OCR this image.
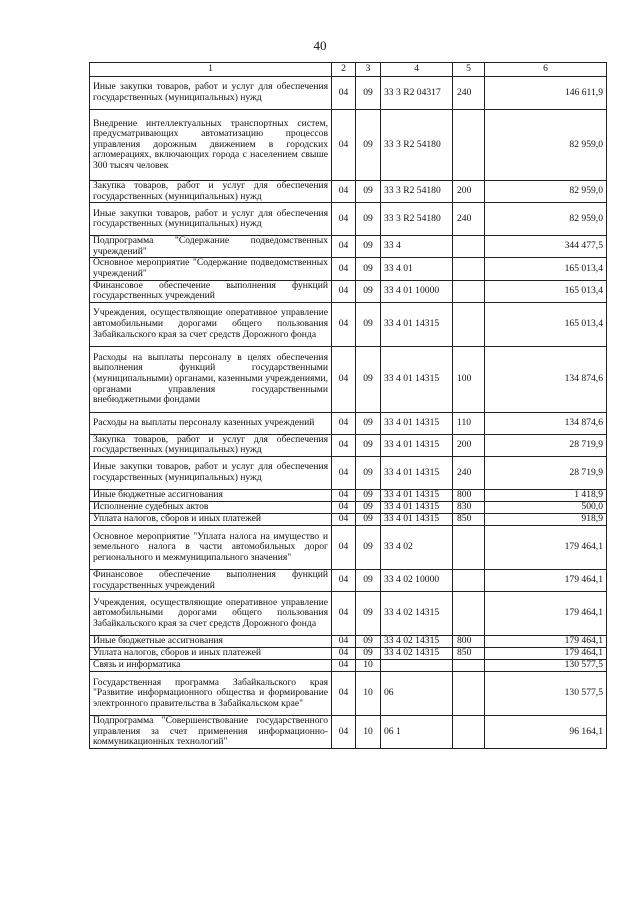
40
1	2	3	4	5	6
Иные закупки товаров, работ и услуг для обеспечения государственных (муниципальных) нужд	04	09	33 3 R2 04317	240	146 611,9
Внедрение интеллектуальных транспортных систем, предусматривающих автоматизацию процессов управления дорожным движением в городских агломерациях, включающих города с населением свыше 300 тысяч человек	04	09	33 3 R2 54180		82 959,0
Закупка товаров, работ и услуг для обеспечения государственных (муниципальных) нужд	04	09	33 3 R2 54180	200	82 959,0
Иные закупки товаров, работ и услуг для обеспечения государственных (муниципальных) нужд	04	09	33 3 R2 54180	240	82 959,0
Подпрограмма "Содержание подведомственных учреждений"	04	09	33 4		344 477,5
Основное мероприятие "Содержание подведомственных учреждений"	04	09	33 4 01		165 013,4
Финансовое обеспечение выполнения функций государственных учреждений	04	09	33 4 01 10000		165 013,4
Учреждения, осуществляющие оперативное управление автомобильными дорогами общего пользования Забайкальского края за счет средств Дорожного фонда	04	09	33 4 01 14315		165 013,4
Расходы на выплаты персоналу в целях обеспечения выполнения функций государственными (муниципальными) органами, казенными учреждениями, органами управления государственными внебюджетными фондами	04	09	33 4 01 14315	100	134 874,6
Расходы на выплаты персоналу казенных учреждений	04	09	33 4 01 14315	110	134 874,6
Закупка товаров, работ и услуг для обеспечения государственных (муниципальных) нужд	04	09	33 4 01 14315	200	28 719,9
Иные закупки товаров, работ и услуг для обеспечения государственных (муниципальных) нужд	04	09	33 4 01 14315	240	28 719,9
Иные бюджетные ассигнования	04	09	33 4 01 14315	800	1 418,9
Исполнение судебных актов	04	09	33 4 01 14315	830	500,0
Уплата налогов, сборов и иных платежей	04	09	33 4 01 14315	850	918,9
Основное мероприятие "Уплата налога на имущество и земельного налога в части автомобильных дорог регионального и межмуниципального значения"	04	09	33 4 02		179 464,1
Финансовое обеспечение выполнения функций государственных учреждений	04	09	33 4 02 10000		179 464,1
Учреждения, осуществляющие оперативное управление автомобильными дорогами общего пользования Забайкальского края за счет средств Дорожного фонда	04	09	33 4 02 14315		179 464,1
Иные бюджетные ассигнования	04	09	33 4 02 14315	800	179 464,1
Уплата налогов, сборов и иных платежей	04	09	33 4 02 14315	850	179 464,1
Связь и информатика	04	10			130 577,5
Государственная программа Забайкальского края "Развитие информационного общества и формирование электронного правительства в Забайкальском крае"	04	10	06		130 577,5
Подпрограмма "Совершенствование государственного управления за счет применения информационно-коммуникационных технологий"	04	10	06 1		96 164,1
